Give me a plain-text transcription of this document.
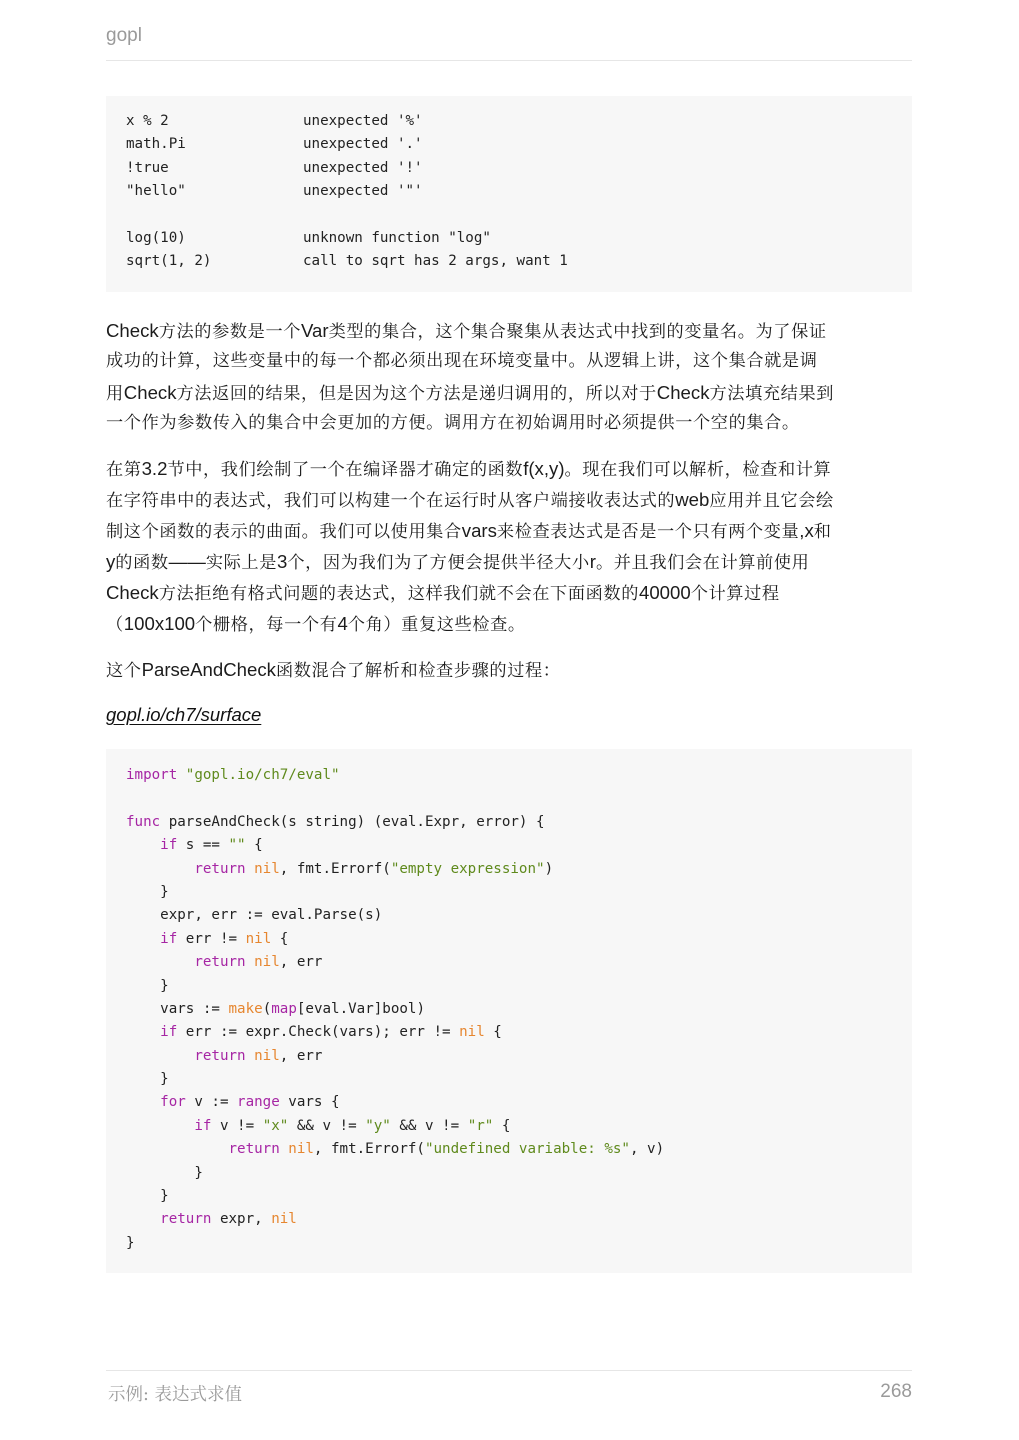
gopl
x % 2	unexpected '%'
math.Pi	unexpected '.'
!true	unexpected '!'
"hello"	unexpected '"'
log(10)	unknown function "log"
sqrt(1, 2)	call to sqrt has 2 args, want 1
Check方法的参数是一个Var类型的集合，这个集合聚集从表达式中找到的变量名。为了保证
成功的计算，这些变量中的每一个都必须出现在环境变量中。从逻辑上讲，这个集合就是调
用Check方法返回的结果，但是因为这个方法是递归调用的，所以对于Check方法填充结果到
一个作为参数传入的集合中会更加的方便。调用方在初始调用时必须提供一个空的集合。
在第3.2节中，我们绘制了一个在编译器才确定的函数f(x,y)。现在我们可以解析，检查和计算
在字符串中的表达式，我们可以构建一个在运行时从客户端接收表达式的web应用并且它会绘
制这个函数的表示的曲面。我们可以使用集合vars来检查表达式是否是一个只有两个变量,x和
y的函数——实际上是3个，因为我们为了方便会提供半径大小r。并且我们会在计算前使用
Check方法拒绝有格式问题的表达式，这样我们就不会在下面函数的40000个计算过程
（100x100个栅格，每一个有4个角）重复这些检查。
这个ParseAndCheck函数混合了解析和检查步骤的过程：
gopl.io/ch7/surface
import "gopl.io/ch7/eval"
func parseAndCheck(s string) (eval.Expr, error) {
if s == "" {
return nil, fmt.Errorf("empty expression")
}
expr, err := eval.Parse(s)
if err != nil {
return nil, err
}
vars := make(map[eval.Var]bool)
if err := expr.Check(vars); err != nil {
return nil, err
}
for v := range vars {
if v != "x" && v != "y" && v != "r" {
return nil, fmt.Errorf("undefined variable: %s", v)
}
}
return expr, nil
}
示例: 表达式求值	268
